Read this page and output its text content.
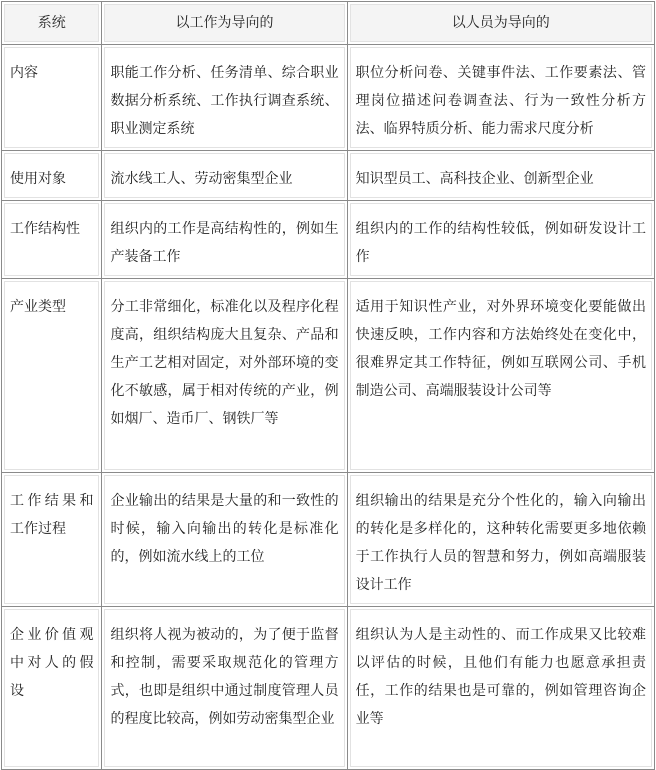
系统	以工作为导向的	以人员为导向的

内容	职能工作分析、任务清单、综合职业数据分析系统、工作执行调查系统、职业测定系统	职位分析问卷、关键事件法、工作要素法、管理岗位描述问卷调查法、行为一致性分析方法、临界特质分析、能力需求尺度分析

使用对象	流水线工人、劳动密集型企业	知识型员工、高科技企业、创新型企业

工作结构性	组织内的工作是高结构性的，例如生产装备工作	组织内的工作的结构性较低，例如研发设计工作

产业类型	分工非常细化，标准化以及程序化程度高，组织结构庞大且复杂、产品和生产工艺相对固定，对外部环境的变化不敏感，属于相对传统的产业，例如烟厂、造币厂、钢铁厂等	适用于知识性产业，对外界环境变化要能做出快速反映，工作内容和方法始终处在变化中，很难界定其工作特征，例如互联网公司、手机制造公司、高端服装设计公司等

工作结果和工作过程	企业输出的结果是大量的和一致性的时候，输入向输出的转化是标准化的，例如流水线上的工位	组织输出的结果是充分个性化的，输入向输出的转化是多样化的，这种转化需要更多地依赖于工作执行人员的智慧和努力，例如高端服装设计工作

企业价值观中对人的假设	组织将人视为被动的，为了便于监督和控制，需要采取规范化的管理方式，也即是组织中通过制度管理人员的程度比较高，例如劳动密集型企业	组织认为人是主动性的、而工作成果又比较难以评估的时候，且他们有能力也愿意承担责任，工作的结果也是可靠的，例如管理咨询企业等
